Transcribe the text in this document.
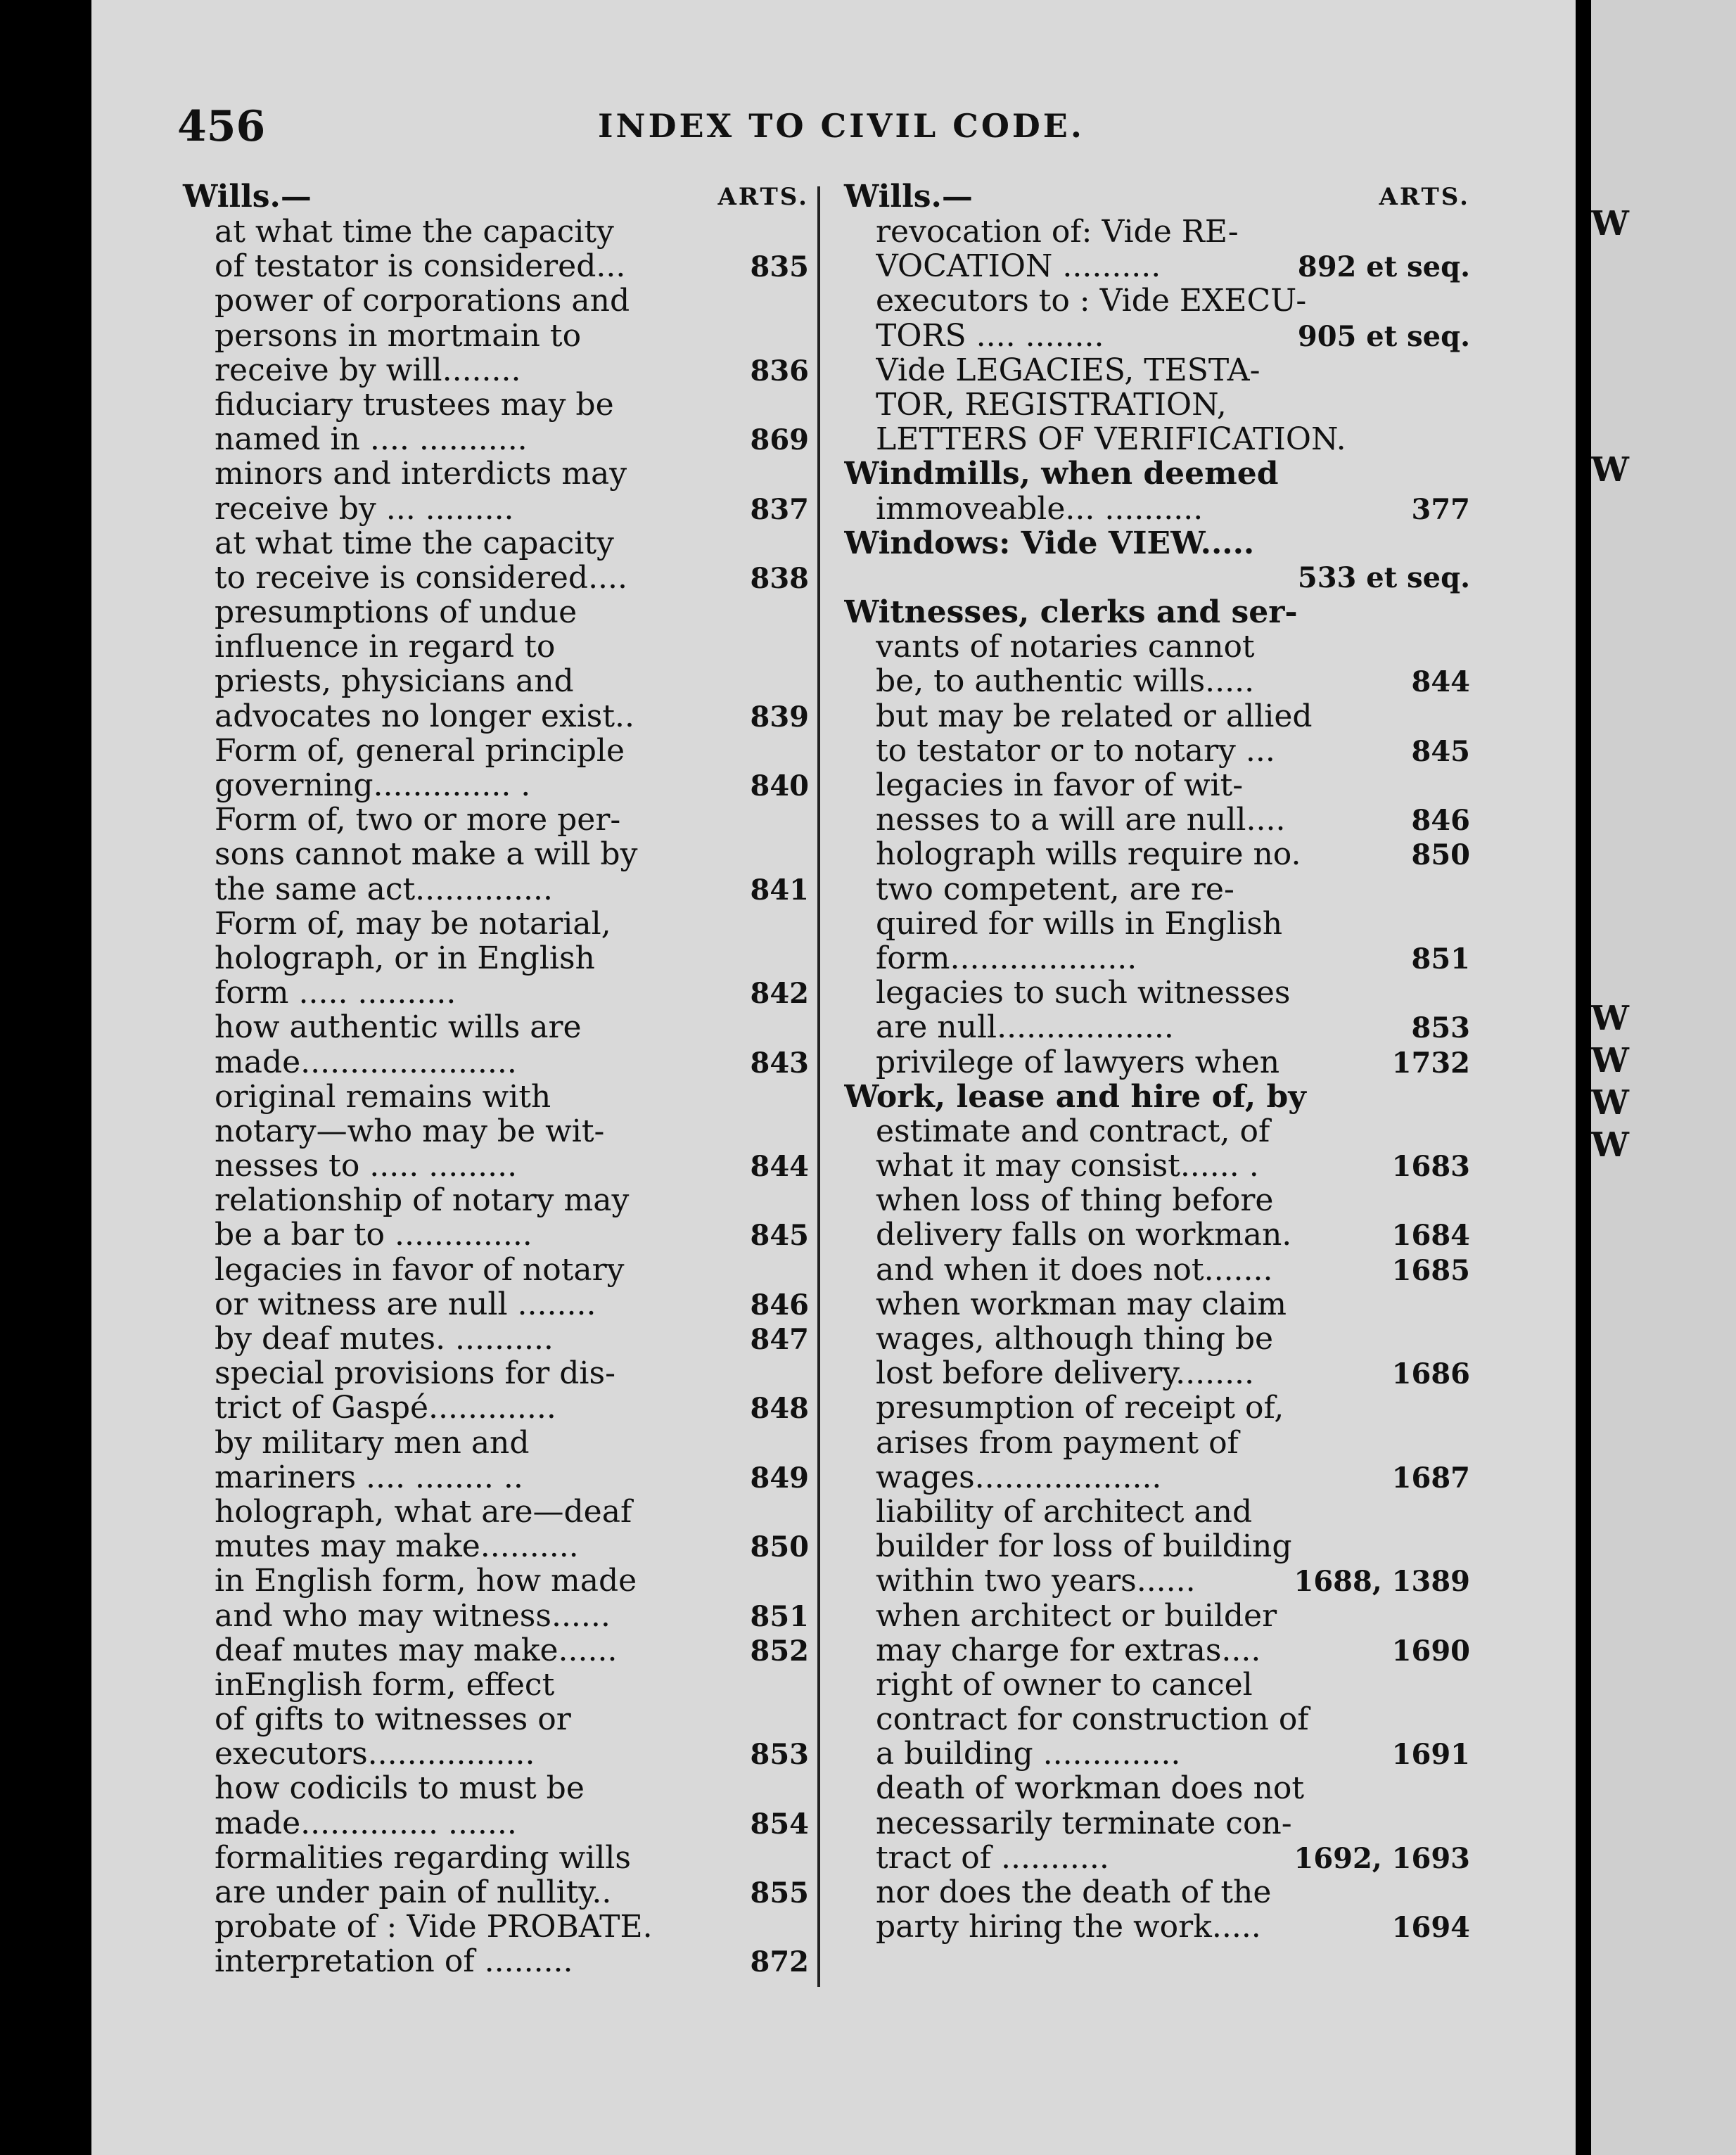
456	INDEX TO CIVIL CODE.
Wills.—	ARTS.
at what time the capacity
of testator is considered...	835
power of corporations and
persons in mortmain to
receive by will........	836
fiduciary trustees may be
named in .... ...........	869
minors and interdicts may
receive by ... .........	837
at what time the capacity
to receive is considered....	838
presumptions of undue
influence in regard to
priests, physicians and
advocates no longer exist..	839
Form of, general principle
governing.............. .	840
Form of, two or more per-
sons cannot make a will by
the same act..............	841
Form of, may be notarial,
holograph, or in English
form ..... ..........	842
how authentic wills are
made......................	843
original remains with
notary—who may be wit-
nesses to ..... .........	844
relationship of notary may
be a bar to ..............	845
legacies in favor of notary
or witness are null ........	846
by deaf mutes. ..........	847
special provisions for dis-
trict of Gaspé.............	848
by military men and
mariners .... ........ ..	849
holograph, what are—deaf
mutes may make..........	850
in English form, how made
and who may witness......	851
deaf mutes may make......	852
inEnglish form, effect
of gifts to witnesses or
executors.................	853
how codicils to must be
made.............. .......	854
formalities regarding wills
are under pain of nullity..	855
probate of : Vide PROBATE.
interpretation of .........	872
Wills.—	ARTS.
revocation of: Vide RE-
VOCATION ..........	892 et seq.
executors to : Vide EXECU-
TORS .... ........	905 et seq.
Vide LEGACIES, TESTA-
TOR, REGISTRATION,
LETTERS OF VERIFICATION.
Windmills, when deemed
immoveable... ..........	377
Windows: Vide VIEW.....
533 et seq.
Witnesses, clerks and ser-
vants of notaries cannot
be, to authentic wills.....	844
but may be related or allied
to testator or to notary ...	845
legacies in favor of wit-
nesses to a will are null....	846
holograph wills require no.	850
two competent, are re-
quired for wills in English
form...................	851
legacies to such witnesses
are null..................	853
privilege of lawyers when	1732
Work, lease and hire of, by
estimate and contract, of
what it may consist...... .	1683
when loss of thing before
delivery falls on workman.	1684
and when it does not.......	1685
when workman may claim
wages, although thing be
lost before delivery........	1686
presumption of receipt of,
arises from payment of
wages...................	1687
liability of architect and
builder for loss of building
within two years......	1688, 1389
when architect or builder
may charge for extras....	1690
right of owner to cancel
contract for construction of
a building ..............	1691
death of workman does not
necessarily terminate con-
tract of ...........	1692, 1693
nor does the death of the
party hiring the work.....	1694
W
W
W
W
W
W
